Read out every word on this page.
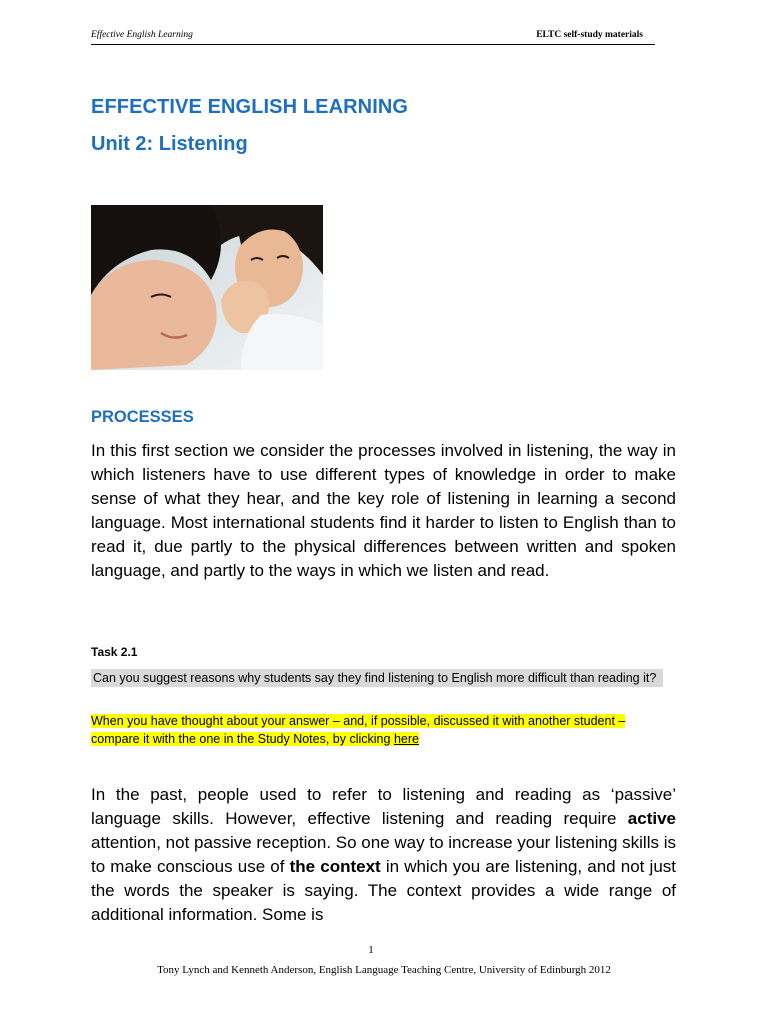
Effective English Learning	ELTC self-study materials
EFFECTIVE ENGLISH LEARNING
Unit 2: Listening
PROCESSES

In this first section we consider the processes involved in listening, the way in which listeners have to use different types of knowledge in order to make sense of what they hear, and the key role of listening in learning a second language. Most international students find it harder to listen to English than to read it, due partly to the physical differences between written and spoken language, and partly to the ways in which we listen and read.

Task 2.1
Can you suggest reasons why students say they find listening to English more difficult than reading it?
When you have thought about your answer – and, if possible, discussed it with another student – compare it with the one in the Study Notes, by clicking here

In the past, people used to refer to listening and reading as ‘passive’ language skills. However, effective listening and reading require active attention, not passive reception. So one way to increase your listening skills is to make conscious use of the context in which you are listening, and not just the words the speaker is saying. The context provides a wide range of additional information. Some is

1
Tony Lynch and Kenneth Anderson, English Language Teaching Centre, University of Edinburgh 2012
